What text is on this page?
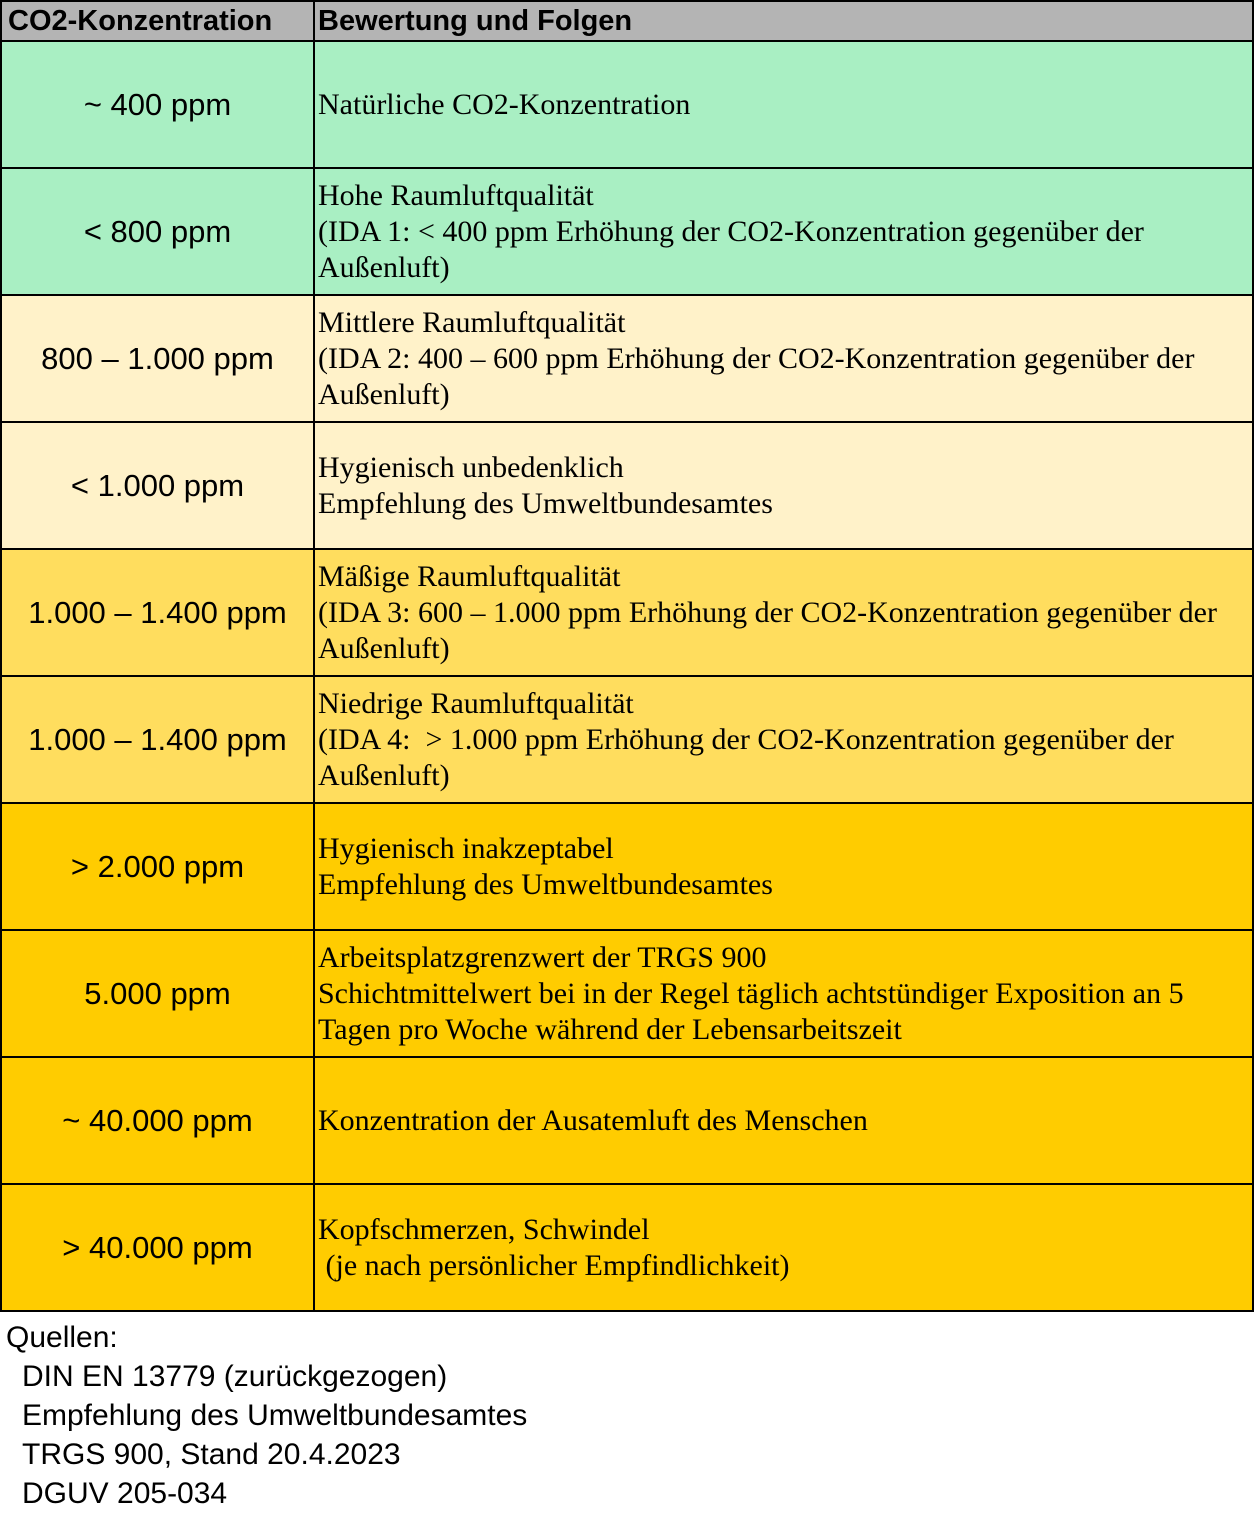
CO2-Konzentration	Bewertung und Folgen
~ 400 ppm	Natürliche CO2-Konzentration

< 800 ppm	Hohe Raumluftqualität
(IDA 1: < 400 ppm Erhöhung der CO2-Konzentration gegenüber der Außenluft)

800 – 1.000 ppm	Mittlere Raumluftqualität
(IDA 2: 400 – 600 ppm Erhöhung der CO2-Konzentration gegenüber der Außenluft)

< 1.000 ppm	Hygienisch unbedenklich
Empfehlung des Umweltbundesamtes

1.000 – 1.400 ppm	Mäßige Raumluftqualität
(IDA 3: 600 – 1.000 ppm Erhöhung der CO2-Konzentration gegenüber der Außenluft)

1.000 – 1.400 ppm	Niedrige Raumluftqualität
(IDA 4:  > 1.000 ppm Erhöhung der CO2-Konzentration gegenüber der Außenluft)

> 2.000 ppm	Hygienisch inakzeptabel
Empfehlung des Umweltbundesamtes

5.000 ppm	Arbeitsplatzgrenzwert der TRGS 900
Schichtmittelwert bei in der Regel täglich achtstündiger Exposition an 5 Tagen pro Woche während der Lebensarbeitszeit

~ 40.000 ppm	Konzentration der Ausatemluft des Menschen

> 40.000 ppm	Kopfschmerzen, Schwindel
(je nach persönlicher Empfindlichkeit)
Quellen:
DIN EN 13779 (zurückgezogen)
Empfehlung des Umweltbundesamtes
TRGS 900, Stand 20.4.2023
DGUV 205-034
